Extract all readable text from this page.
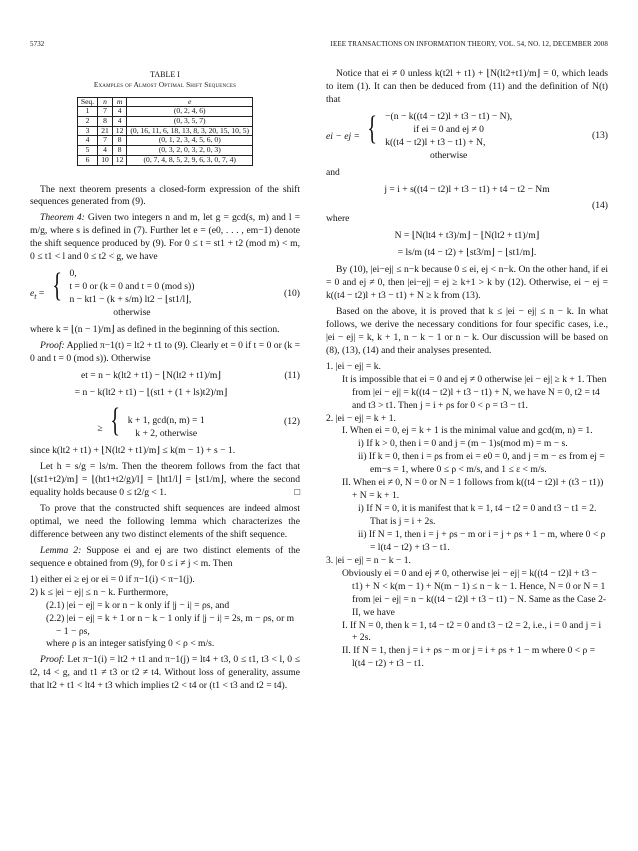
5732	IEEE TRANSACTIONS ON INFORMATION THEORY, VOL. 54, NO. 12, DECEMBER 2008
TABLE I
Examples of Almost Optimal Shift Sequences
Seq.	n	m	e
1	7	4	(0, 2, 4, 6)
2	8	4	(0, 3, 5, 7)
3	21	12	(0, 16, 11, 6, 18, 13, 8, 3, 20, 15, 10, 5)
4	7	8	(0, 1, 2, 3, 4, 5, 6, 0)
5	4	8	(0, 3, 2, 0, 3, 2, 0, 3)
6	10	12	(0, 7, 4, 8, 5, 2, 9, 6, 3, 0, 7, 4)

The next theorem presents a closed-form expression of the shift sequences generated from (9).

Theorem 4: Given two integers n and m, let g = gcd(s, m) and l = m/g, where s is defined in (7). Further let e = (e0, . . . , em−1) denote the shift sequence produced by (9). For 0 ≤ t = st1 + t2 (mod m) < m, 0 ≤ t1 < l and 0 ≤ t2 < g, we have

$e_t$ = { 0,
t = 0 or (k = 0 and t = 0 (mod s))
n − kt1 − (k + s/m) lt2 − ⌊st1/l⌋,
otherwise
(10)

where k = ⌊(n − 1)/m⌋ as defined in the beginning of this section.

Proof: Applied π−1(t) = lt2 + t1 to (9). Clearly et = 0 if t = 0 or (k = 0 and t = 0 (mod s)). Otherwise

et = n − k(lt2 + t1) − ⌊N(lt2 + t1)/m⌋	(11)
= n − k(lt2 + t1) − ⌊(st1 + (1 + ls)t2)/m⌋
≥ { k + 1, gcd(n, m) = 1
k + 2, otherwise
(12)

since k(lt2 + t1) + ⌊N(lt2 + t1)/m⌋ ≤ k(m − 1) + s − 1.

Let h = s/g = ls/m. Then the theorem follows from the fact that ⌊(st1+t2)/m⌋ = ⌊(ht1+t2/g)/l⌋ = ⌊ht1/l⌋ = ⌊st1/m⌋, where the second equality holds because 0 ≤ t2/g < 1.	□

To prove that the constructed shift sequences are indeed almost optimal, we need the following lemma which characterizes the difference between any two distinct elements of the shift sequence.

Lemma 2: Suppose ei and ej are two distinct elements of the sequence e obtained from (9), for 0 ≤ i ≠ j < m. Then

1) either ei ≥ ej or ei = 0 if π−1(i) < π−1(j).
2) k ≤ |ei − ej| ≤ n − k. Furthermore,
(2.1) |ei − ej| = k or n − k only if |j − i| = ρs, and
(2.2) |ei − ej| = k + 1 or n − k − 1 only if |j − i| = 2s, m − ρs, or m − 1 − ρs,
where ρ is an integer satisfying 0 < ρ < m/s.

Proof: Let π−1(i) = lt2 + t1 and π−1(j) = lt4 + t3, 0 ≤ t1, t3 < l, 0 ≤ t2, t4 < g, and t1 ≠ t3 or t2 ≠ t4. Without loss of generality, assume that lt2 + t1 < lt4 + t3 which implies t2 < t4 or (t1 < t3 and t2 = t4).

Notice that ei ≠ 0 unless k(t2l + t1) + ⌊N(lt2+t1)/m⌋ = 0, which leads to item (1). It can then be deduced from (11) and the definition of N(t) that

ei − ej = { −(n − k((t4 − t2)l + t3 − t1) − N),
if ei = 0 and ej ≠ 0
k((t4 − t2)l + t3 − t1) + N,
otherwise
(13)

and

j = i + s((t4 − t2)l + t3 − t1) + t4 − t2 − Nm
(14)

where

N = ⌊N(lt4 + t3)/m⌋ − ⌊N(lt2 + t1)/m⌋
= ls/m (t4 − t2) + ⌊st3/m⌋ − ⌊st1/m⌋.

By (10), |ei−ej| ≤ n−k because 0 ≤ ei, ej < n−k. On the other hand, if ei = 0 and ej ≠ 0, then |ei−ej| = ej ≥ k+1 > k by (12). Otherwise, ei − ej = k((t4 − t2)l + t3 − t1) + N ≥ k from (13).

Based on the above, it is proved that k ≤ |ei − ej| ≤ n − k. In what follows, we derive the necessary conditions for four specific cases, i.e., |ei − ej| = k, k + 1, n − k − 1 or n − k. Our discussion will be based on (8), (13), (14) and their analyses presented.

1. |ei − ej| = k.
It is impossible that ei = 0 and ej ≠ 0 otherwise |ei − ej| ≥ k + 1. Then from |ei − ej| = k((t4 − t2)l + t3 − t1) + N, we have N = 0, t2 = t4 and t3 > t1. Then j = i + ρs for 0 < ρ = t3 − t1.
2. |ei − ej| = k + 1.
I. When ei = 0, ej = k + 1 is the minimal value and gcd(m, n) = 1.
i) If k > 0, then i = 0 and j = (m − 1)s(mod m) = m − s.
ii) If k = 0, then i = ρs from ei = e0 = 0, and j = m − εs from ej = em−s = 1, where 0 ≤ ρ < m/s, and 1 ≤ ε < m/s.
II. When ei ≠ 0, N = 0 or N = 1 follows from k((t4 − t2)l + (t3 − t1)) + N = k + 1.
i) If N = 0, it is manifest that k = 1, t4 − t2 = 0 and t3 − t1 = 2. That is j = i + 2s.
ii) If N = 1, then i = j + ρs − m or i = j + ρs + 1 − m, where 0 < ρ = l(t4 − t2) + t3 − t1.
3. |ei − ej| = n − k − 1.
Obviously ei = 0 and ej ≠ 0, otherwise |ei − ej| = k((t4 − t2)l + t3 − t1) + N < k(m − 1) + N(m − 1) ≤ n − k − 1. Hence, N = 0 or N = 1 from |ei − ej| = n − k((t4 − t2)l + t3 − t1) − N. Same as the Case 2-II, we have
I. If N = 0, then k = 1, t4 − t2 = 0 and t3 − t2 = 2, i.e., i = 0 and j = i + 2s.
II. If N = 1, then j = i + ρs − m or j = i + ρs + 1 − m where 0 < ρ = l(t4 − t2) + t3 − t1.
